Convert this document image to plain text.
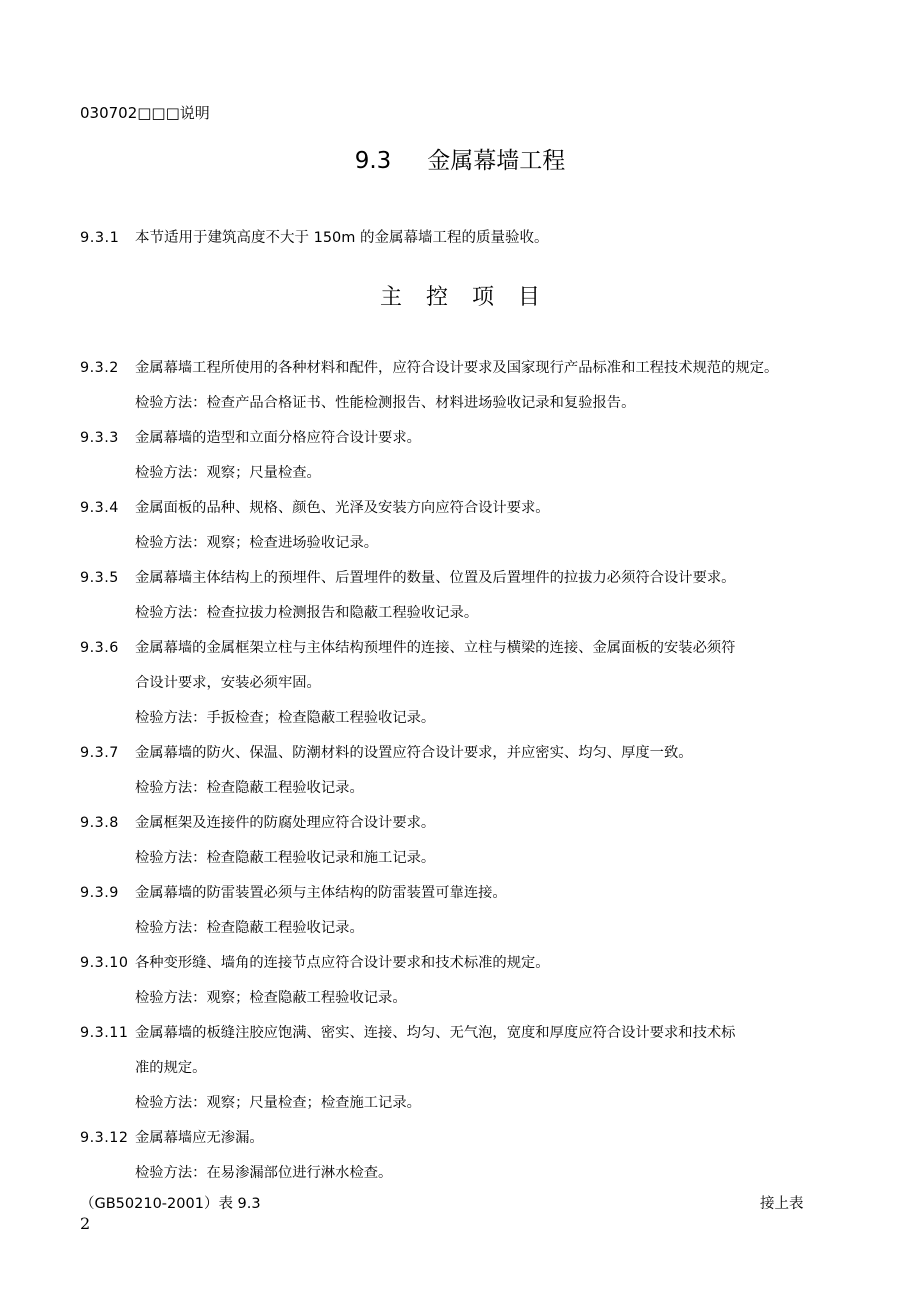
030702□□□说明
9.3 金属幕墙工程
9.3.1 本节适用于建筑高度不大于 150m 的金属幕墙工程的质量验收。
主控项目
9.3.2 金属幕墙工程所使用的各种材料和配件，应符合设计要求及国家现行产品标准和工程技术规范的规定。
检验方法：检查产品合格证书、性能检测报告、材料进场验收记录和复验报告。
9.3.3 金属幕墙的造型和立面分格应符合设计要求。
检验方法：观察；尺量检查。
9.3.4 金属面板的品种、规格、颜色、光泽及安装方向应符合设计要求。
检验方法：观察；检查进场验收记录。
9.3.5 金属幕墙主体结构上的预埋件、后置埋件的数量、位置及后置埋件的拉拔力必须符合设计要求。
检验方法：检查拉拔力检测报告和隐蔽工程验收记录。
9.3.6 金属幕墙的金属框架立柱与主体结构预埋件的连接、立柱与横梁的连接、金属面板的安装必须符
合设计要求，安装必须牢固。
检验方法：手扳检查；检查隐蔽工程验收记录。
9.3.7 金属幕墙的防火、保温、防潮材料的设置应符合设计要求，并应密实、均匀、厚度一致。
检验方法：检查隐蔽工程验收记录。
9.3.8 金属框架及连接件的防腐处理应符合设计要求。
检验方法：检查隐蔽工程验收记录和施工记录。
9.3.9 金属幕墙的防雷装置必须与主体结构的防雷装置可靠连接。
检验方法：检查隐蔽工程验收记录。
9.3.10 各种变形缝、墙角的连接节点应符合设计要求和技术标准的规定。
检验方法：观察；检查隐蔽工程验收记录。
9.3.11 金属幕墙的板缝注胶应饱满、密实、连接、均匀、无气泡，宽度和厚度应符合设计要求和技术标
准的规定。
检验方法：观察；尺量检查；检查施工记录。
9.3.12 金属幕墙应无渗漏。
检验方法：在易渗漏部位进行淋水检查。
（GB50210-2001）表 9.3	接上表
2
